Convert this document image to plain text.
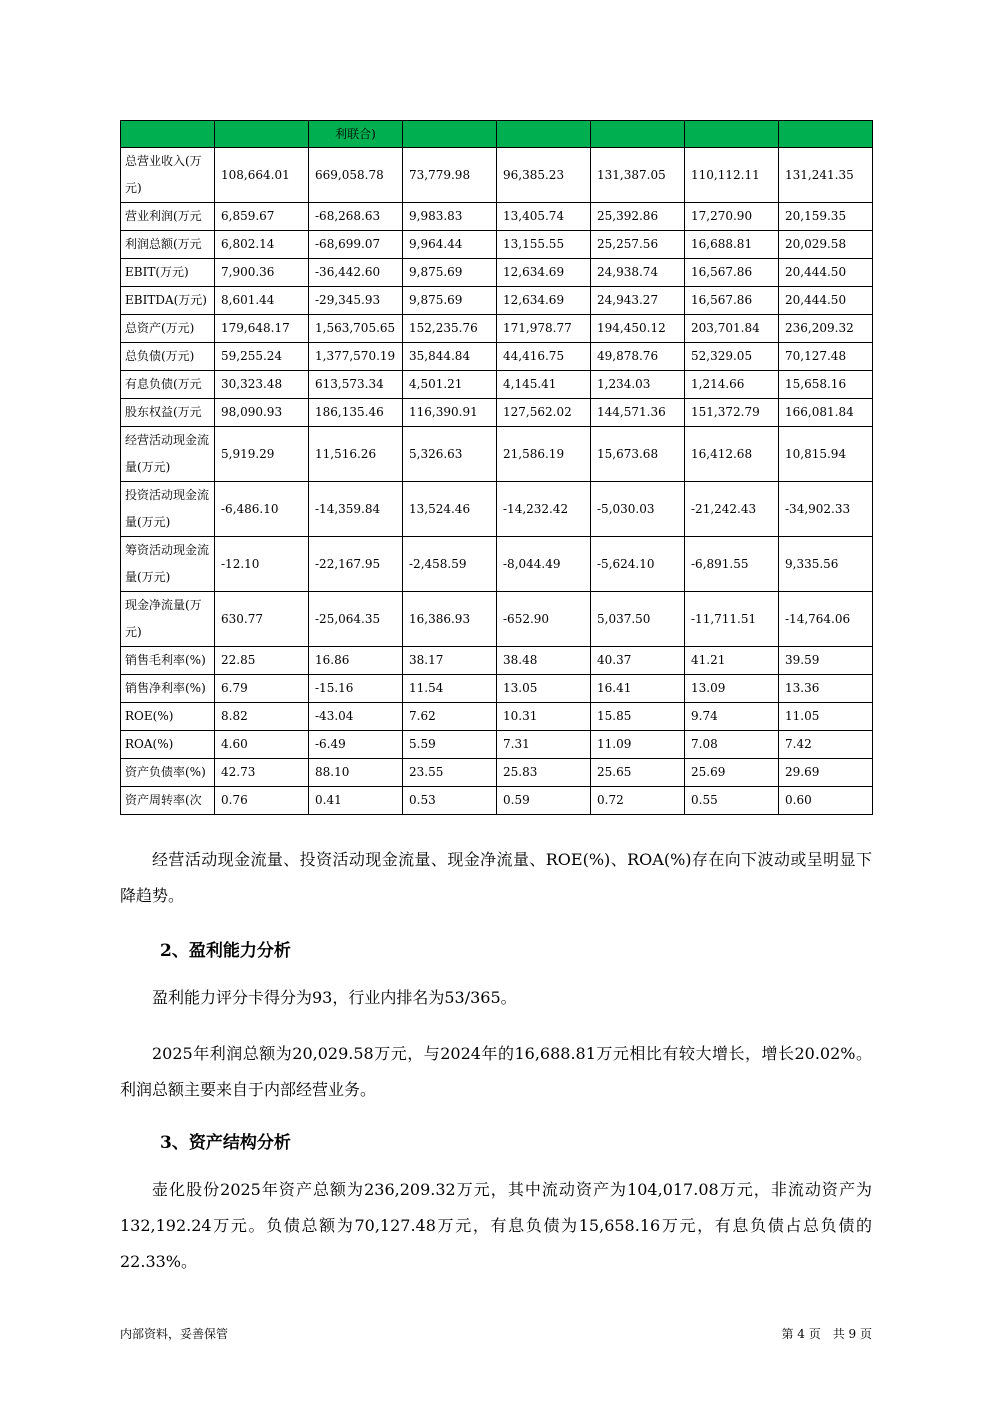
		利联合)					
总营业收入(万元)	108,664.01	669,058.78	73,779.98	96,385.23	131,387.05	110,112.11	131,241.35
营业利润(万元	6,859.67	-68,268.63	9,983.83	13,405.74	25,392.86	17,270.90	20,159.35
利润总额(万元	6,802.14	-68,699.07	9,964.44	13,155.55	25,257.56	16,688.81	20,029.58
EBIT(万元)	7,900.36	-36,442.60	9,875.69	12,634.69	24,938.74	16,567.86	20,444.50
EBITDA(万元)	8,601.44	-29,345.93	9,875.69	12,634.69	24,943.27	16,567.86	20,444.50
总资产(万元)	179,648.17	1,563,705.65	152,235.76	171,978.77	194,450.12	203,701.84	236,209.32
总负债(万元)	59,255.24	1,377,570.19	35,844.84	44,416.75	49,878.76	52,329.05	70,127.48
有息负债(万元	30,323.48	613,573.34	4,501.21	4,145.41	1,234.03	1,214.66	15,658.16
股东权益(万元	98,090.93	186,135.46	116,390.91	127,562.02	144,571.36	151,372.79	166,081.84
经营活动现金流量(万元)	5,919.29	11,516.26	5,326.63	21,586.19	15,673.68	16,412.68	10,815.94
投资活动现金流量(万元)	-6,486.10	-14,359.84	13,524.46	-14,232.42	-5,030.03	-21,242.43	-34,902.33
筹资活动现金流量(万元)	-12.10	-22,167.95	-2,458.59	-8,044.49	-5,624.10	-6,891.55	9,335.56
现金净流量(万元)	630.77	-25,064.35	16,386.93	-652.90	5,037.50	-11,711.51	-14,764.06
销售毛利率(%)	22.85	16.86	38.17	38.48	40.37	41.21	39.59
销售净利率(%)	6.79	-15.16	11.54	13.05	16.41	13.09	13.36
ROE(%)	8.82	-43.04	7.62	10.31	15.85	9.74	11.05
ROA(%)	4.60	-6.49	5.59	7.31	11.09	7.08	7.42
资产负债率(%)	42.73	88.10	23.55	25.83	25.65	25.69	29.69
资产周转率(次	0.76	0.41	0.53	0.59	0.72	0.55	0.60

经营活动现金流量、投资活动现金流量、现金净流量、ROE(%)、ROA(%)存在向下波动或呈明显下降趋势。

2、盈利能力分析

盈利能力评分卡得分为93，行业内排名为53/365。

2025年利润总额为20,029.58万元，与2024年的16,688.81万元相比有较大增长，增长20.02%。利润总额主要来自于内部经营业务。

3、资产结构分析

壶化股份2025年资产总额为236,209.32万元，其中流动资产为104,017.08万元，非流动资产为132,192.24万元。负债总额为70,127.48万元，有息负债为15,658.16万元，有息负债占总负债的22.33%。

内部资料，妥善保管	第 4 页　共 9 页
